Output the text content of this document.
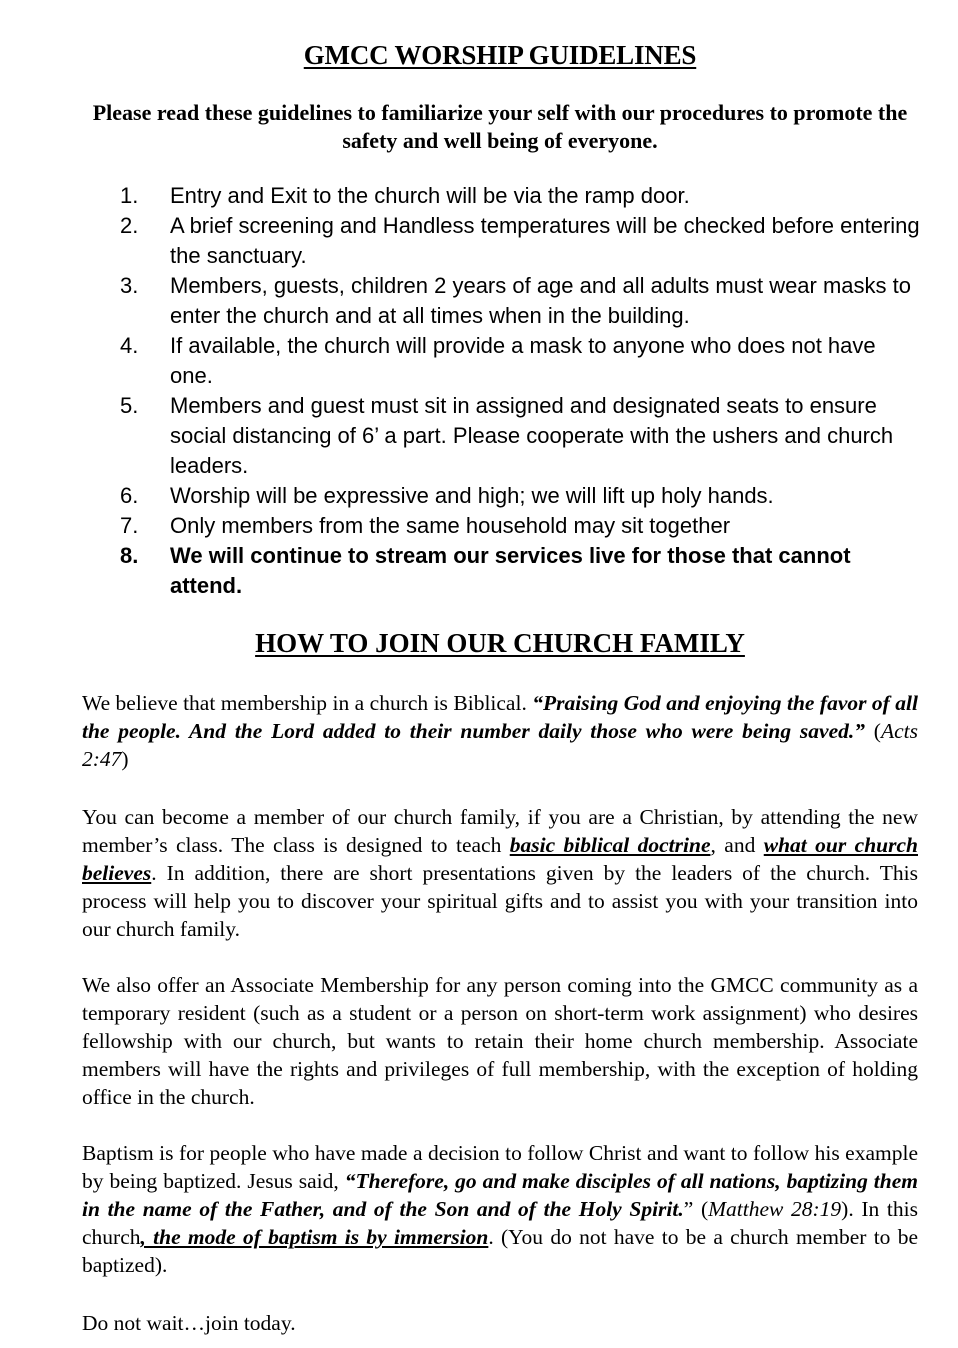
GMCC WORSHIP GUIDELINES
Please read these guidelines to familiarize your self with our procedures to promote the safety and well being of everyone.
1.	Entry and Exit to the church will be via the ramp door.
2.	A brief screening and Handless temperatures will be checked before entering the sanctuary.
3.	Members, guests, children 2 years of age and all adults must wear masks to enter the church and at all times when in the building.
4.	If available, the church will provide a mask to anyone who does not have one.
5.	Members and guest must sit in assigned and designated seats to ensure social distancing of 6’ a part. Please cooperate with the ushers and church leaders.
6.	Worship will be expressive and high; we will lift up holy hands.
7.	Only members from the same household may sit together
8.	We will continue to stream our services live for those that cannot attend.
HOW TO JOIN OUR CHURCH FAMILY

We believe that membership in a church is Biblical. “Praising God and enjoying the favor of all the people. And the Lord added to their number daily those who were being saved.” (Acts 2:47)

You can become a member of our church family, if you are a Christian, by attending the new member’s class. The class is designed to teach basic biblical doctrine, and what our church believes. In addition, there are short presentations given by the leaders of the church. This process will help you to discover your spiritual gifts and to assist you with your transition into our church family.

We also offer an Associate Membership for any person coming into the GMCC community as a temporary resident (such as a student or a person on short-term work assignment) who desires fellowship with our church, but wants to retain their home church membership. Associate members will have the rights and privileges of full membership, with the exception of holding office in the church.

Baptism is for people who have made a decision to follow Christ and want to follow his example by being baptized. Jesus said, “Therefore, go and make disciples of all nations, baptizing them in the name of the Father, and of the Son and of the Holy Spirit.” (Matthew 28:19). In this church, the mode of baptism is by immersion. (You do not have to be a church member to be baptized).

Do not wait…join today.
